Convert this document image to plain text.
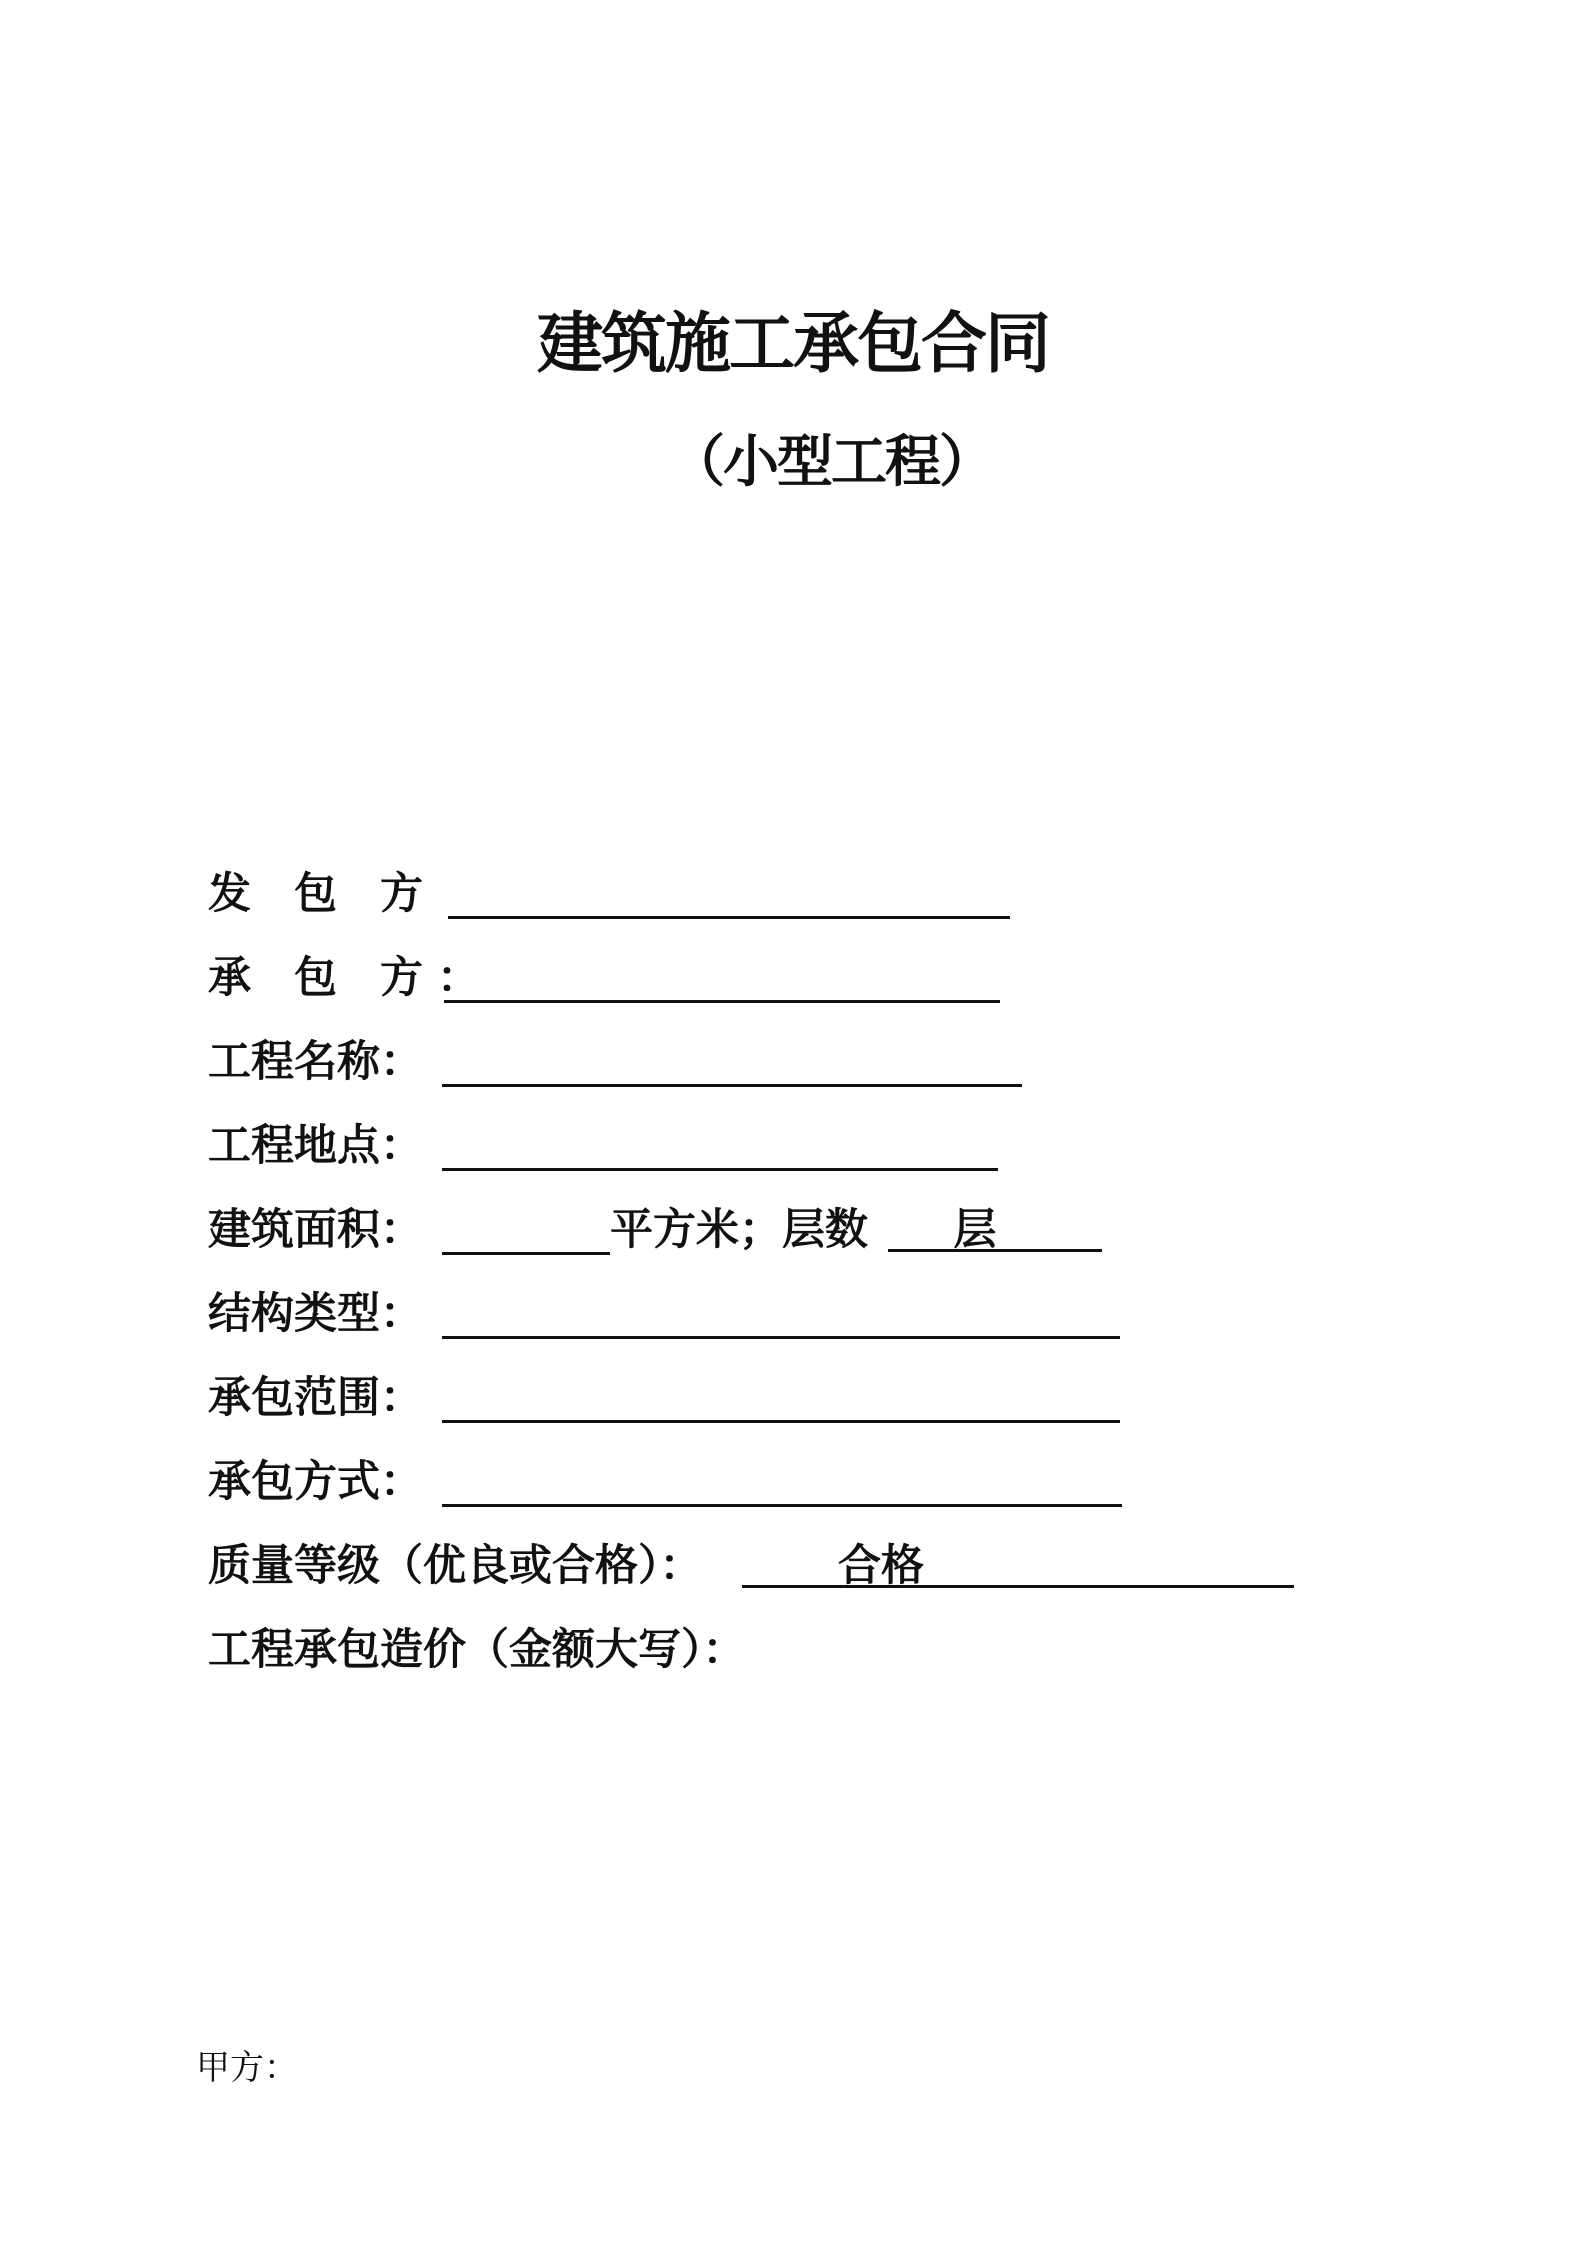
建筑施工承包合同
（小型工程）
发 包 方
承 包 方：
工程名称：
工程地点：
建筑面积：	平方米；层数	层
结构类型：
承包范围：
承包方式：
质量等级（优良或合格）：	合格
工程承包造价（金额大写）：
甲方：
